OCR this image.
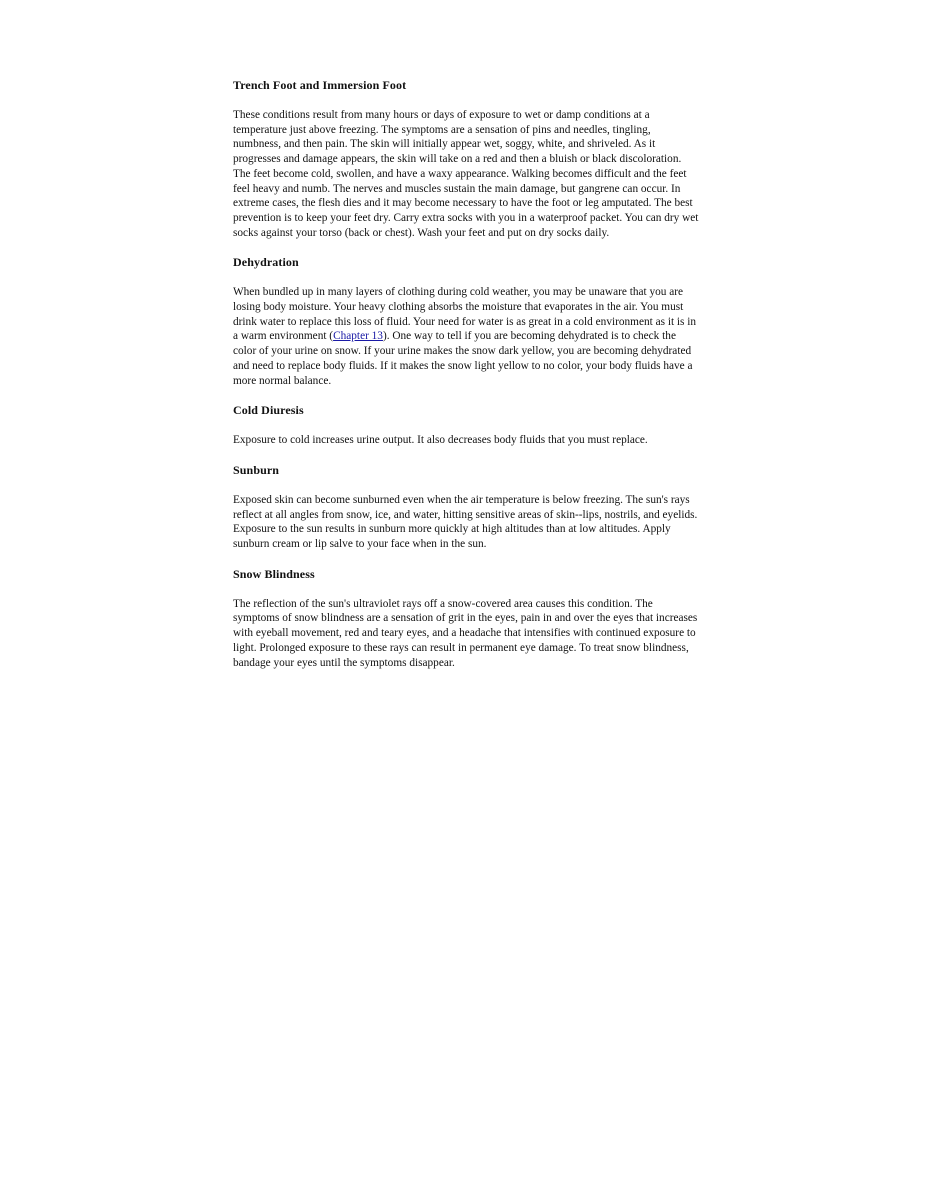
Trench Foot and Immersion Foot

These conditions result from many hours or days of exposure to wet or damp conditions at a temperature just above freezing. The symptoms are a sensation of pins and needles, tingling, numbness, and then pain. The skin will initially appear wet, soggy, white, and shriveled. As it progresses and damage appears, the skin will take on a red and then a bluish or black discoloration. The feet become cold, swollen, and have a waxy appearance. Walking becomes difficult and the feet feel heavy and numb. The nerves and muscles sustain the main damage, but gangrene can occur. In extreme cases, the flesh dies and it may become necessary to have the foot or leg amputated. The best prevention is to keep your feet dry. Carry extra socks with you in a waterproof packet. You can dry wet socks against your torso (back or chest). Wash your feet and put on dry socks daily.

Dehydration

When bundled up in many layers of clothing during cold weather, you may be unaware that you are losing body moisture. Your heavy clothing absorbs the moisture that evaporates in the air. You must drink water to replace this loss of fluid. Your need for water is as great in a cold environment as it is in a warm environment (Chapter 13). One way to tell if you are becoming dehydrated is to check the color of your urine on snow. If your urine makes the snow dark yellow, you are becoming dehydrated and need to replace body fluids. If it makes the snow light yellow to no color, your body fluids have a more normal balance.

Cold Diuresis

Exposure to cold increases urine output. It also decreases body fluids that you must replace.

Sunburn

Exposed skin can become sunburned even when the air temperature is below freezing. The sun's rays reflect at all angles from snow, ice, and water, hitting sensitive areas of skin--lips, nostrils, and eyelids. Exposure to the sun results in sunburn more quickly at high altitudes than at low altitudes. Apply sunburn cream or lip salve to your face when in the sun.

Snow Blindness

The reflection of the sun's ultraviolet rays off a snow-covered area causes this condition. The symptoms of snow blindness are a sensation of grit in the eyes, pain in and over the eyes that increases with eyeball movement, red and teary eyes, and a headache that intensifies with continued exposure to light. Prolonged exposure to these rays can result in permanent eye damage. To treat snow blindness, bandage your eyes until the symptoms disappear.
